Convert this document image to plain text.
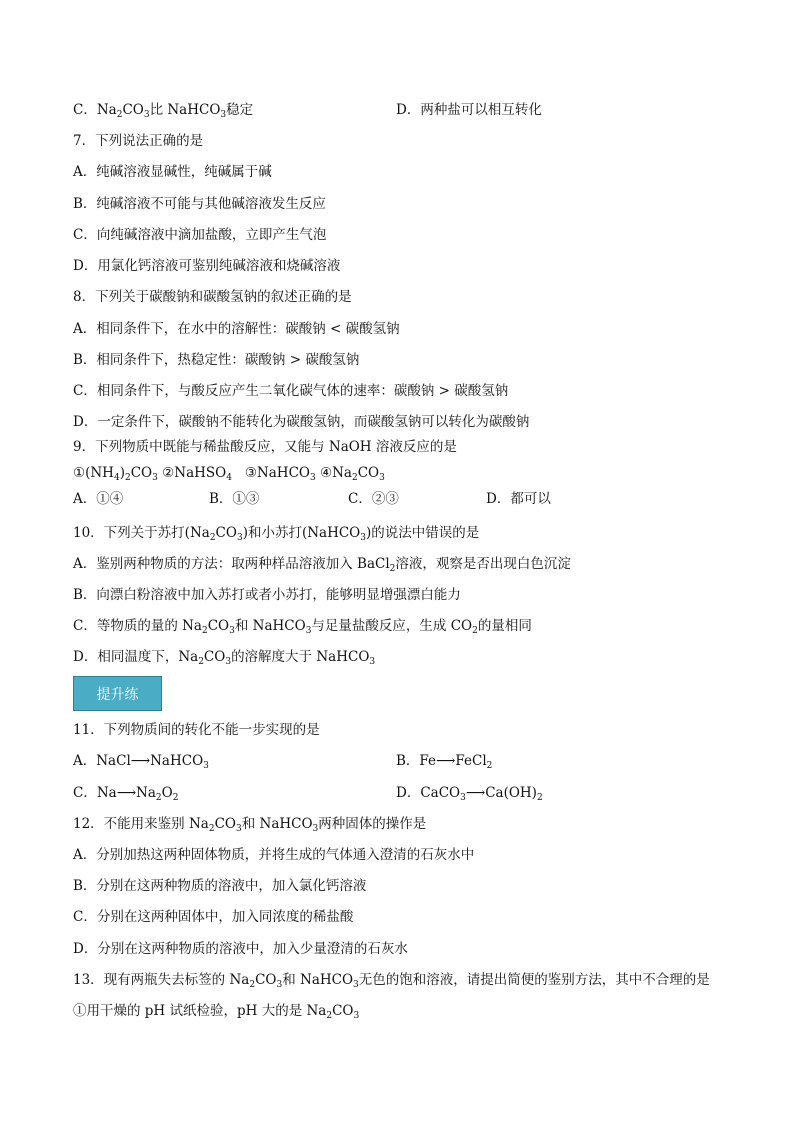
C．$Na_2CO_3$比 NaHCO$_3$稳定	D．两种盐可以相互转化
7．下列说法正确的是
A．纯碱溶液显碱性，纯碱属于碱
B．纯碱溶液不可能与其他碱溶液发生反应
C．向纯碱溶液中滴加盐酸，立即产生气泡
D．用氯化钙溶液可鉴别纯碱溶液和烧碱溶液
8．下列关于碳酸钠和碳酸氢钠的叙述正确的是
A．相同条件下，在水中的溶解性：碳酸钠 < 碳酸氢钠
B．相同条件下，热稳定性：碳酸钠 > 碳酸氢钠
C．相同条件下，与酸反应产生二氧化碳气体的速率：碳酸钠 > 碳酸氢钠
D．一定条件下，碳酸钠不能转化为碳酸氢钠，而碳酸氢钠可以转化为碳酸钠
9．下列物质中既能与稀盐酸反应，又能与 NaOH 溶液反应的是
$①(NH_4)_2CO_3$ ②NaHSO$_4$ ③NaHCO$_3$ $④Na_2CO_3$
A．①④	B．①③	C．②③	D．都可以
10．下列关于苏打$(Na_2CO_3)$和小苏打(NaHCO$_3$)的说法中错误的是
A．鉴别两种物质的方法：取两种样品溶液加入 BaCl$_2$溶液，观察是否出现白色沉淀
B．向漂白粉溶液中加入苏打或者小苏打，能够明显增强漂白能力
C．等物质的量的 $Na_2CO_3$和 NaHCO$_3$与足量盐酸反应，生成 $CO_2$的量相同
D．相同温度下，$Na_2CO_3$的溶解度大于 NaHCO$_3$
提升练
11．下列物质间的转化不能一步实现的是
A．NaCl⟶NaHCO$_3$	B．Fe⟶FeCl$_2$
C．$Na⟶Na_2O_2$	D．$CaCO_3⟶Ca(OH)_2$
12．不能用来鉴别 $Na_2CO_3$和 NaHCO$_3$两种固体的操作是
A．分别加热这两种固体物质，并将生成的气体通入澄清的石灰水中
B．分别在这两种物质的溶液中，加入氯化钙溶液
C．分别在这两种固体中，加入同浓度的稀盐酸
D．分别在这两种物质的溶液中，加入少量澄清的石灰水
13．现有两瓶失去标签的 $Na_2CO_3$和 NaHCO$_3$无色的饱和溶液，请提出简便的鉴别方法，其中不合理的是
①用干燥的 pH 试纸检验，pH 大的是 $Na_2CO_3$
